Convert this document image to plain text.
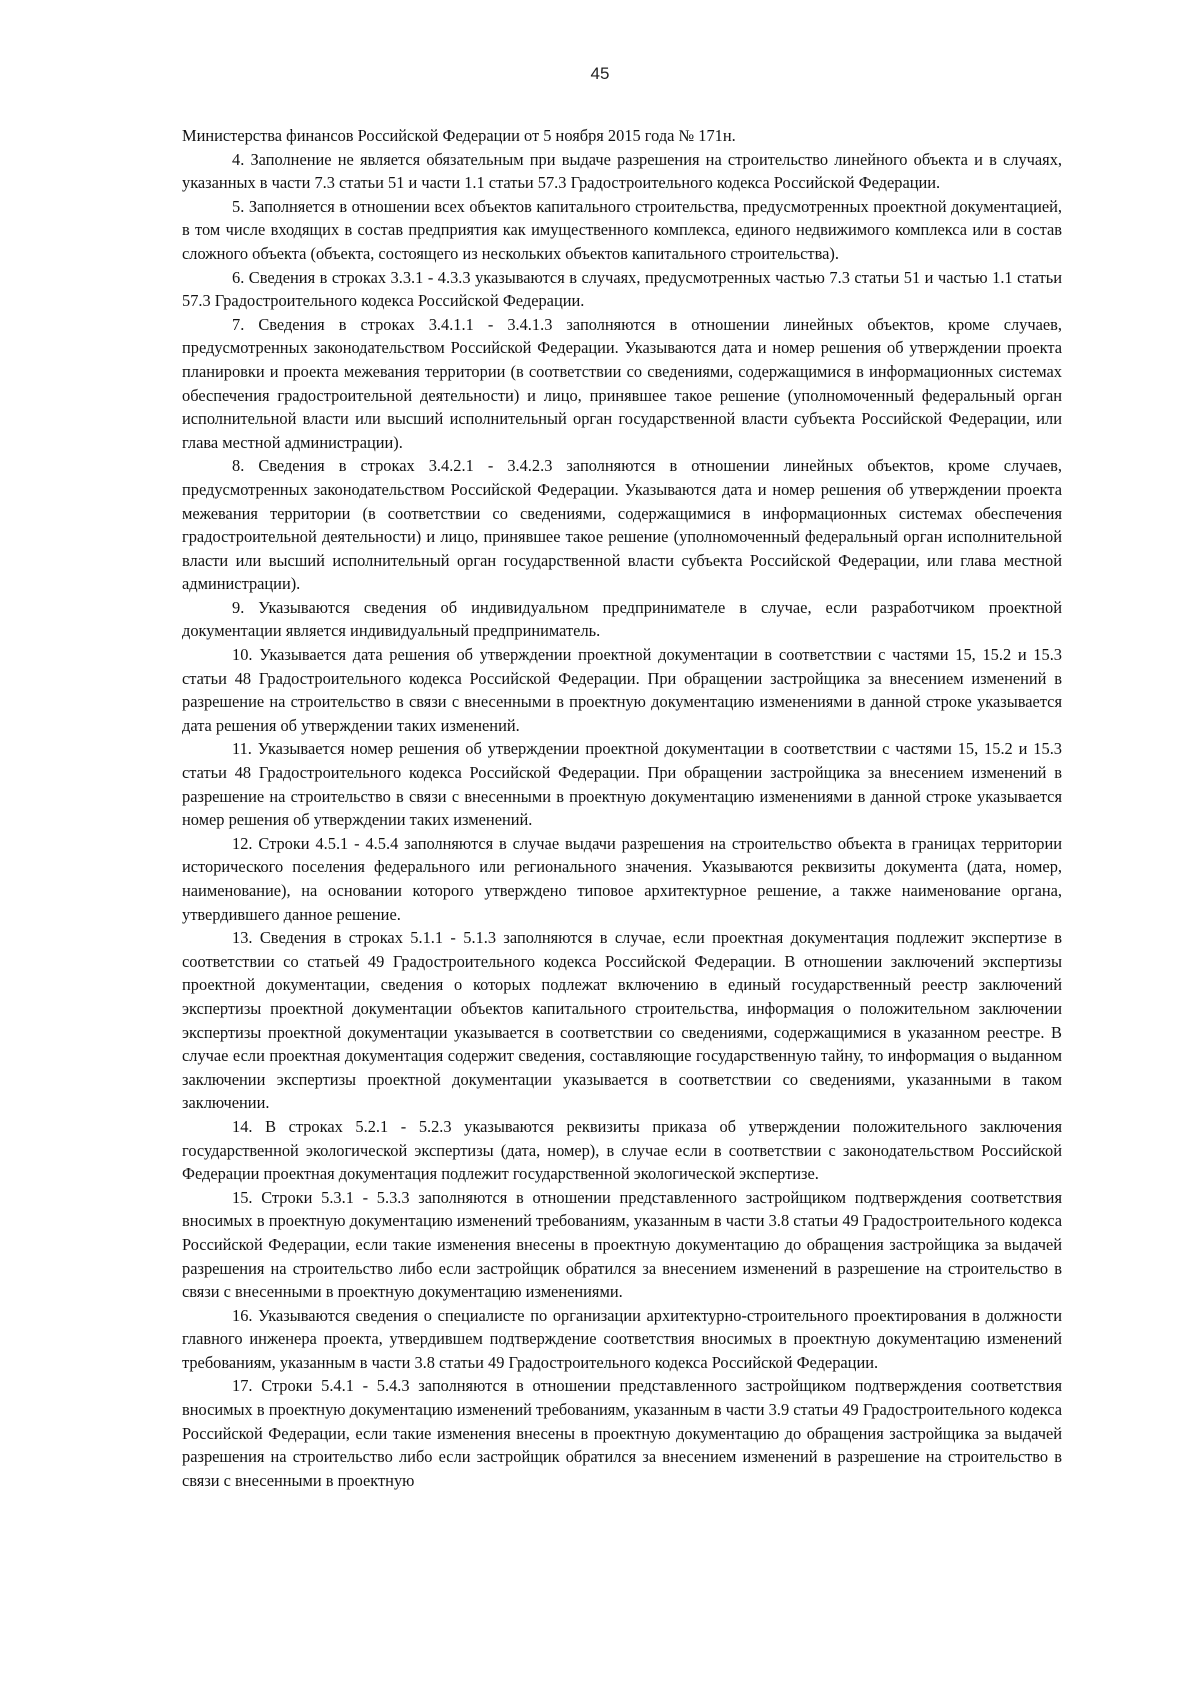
45

Министерства финансов Российской Федерации от 5 ноября 2015 года № 171н.

4. Заполнение не является обязательным при выдаче разрешения на строительство линейного объекта и в случаях, указанных в части 7.3 статьи 51 и части 1.1 статьи 57.3 Градостроительного кодекса Российской Федерации.

5. Заполняется в отношении всех объектов капитального строительства, предусмотренных проектной документацией, в том числе входящих в состав предприятия как имущественного комплекса, единого недвижимого комплекса или в состав сложного объекта (объекта, состоящего из нескольких объектов капитального строительства).

6. Сведения в строках 3.3.1 - 4.3.3 указываются в случаях, предусмотренных частью 7.3 статьи 51 и частью 1.1 статьи 57.3 Градостроительного кодекса Российской Федерации.

7. Сведения в строках 3.4.1.1 - 3.4.1.3 заполняются в отношении линейных объектов, кроме случаев, предусмотренных законодательством Российской Федерации. Указываются дата и номер решения об утверждении проекта планировки и проекта межевания территории (в соответствии со сведениями, содержащимися в информационных системах обеспечения градостроительной деятельности) и лицо, принявшее такое решение (уполномоченный федеральный орган исполнительной власти или высший исполнительный орган государственной власти субъекта Российской Федерации, или глава местной администрации).

8. Сведения в строках 3.4.2.1 - 3.4.2.3 заполняются в отношении линейных объектов, кроме случаев, предусмотренных законодательством Российской Федерации. Указываются дата и номер решения об утверждении проекта межевания территории (в соответствии со сведениями, содержащимися в информационных системах обеспечения градостроительной деятельности) и лицо, принявшее такое решение (уполномоченный федеральный орган исполнительной власти или высший исполнительный орган государственной власти субъекта Российской Федерации, или глава местной администрации).

9. Указываются сведения об индивидуальном предпринимателе в случае, если разработчиком проектной документации является индивидуальный предприниматель.

10. Указывается дата решения об утверждении проектной документации в соответствии с частями 15, 15.2 и 15.3 статьи 48 Градостроительного кодекса Российской Федерации. При обращении застройщика за внесением изменений в разрешение на строительство в связи с внесенными в проектную документацию изменениями в данной строке указывается дата решения об утверждении таких изменений.

11. Указывается номер решения об утверждении проектной документации в соответствии с частями 15, 15.2 и 15.3 статьи 48 Градостроительного кодекса Российской Федерации. При обращении застройщика за внесением изменений в разрешение на строительство в связи с внесенными в проектную документацию изменениями в данной строке указывается номер решения об утверждении таких изменений.

12. Строки 4.5.1 - 4.5.4 заполняются в случае выдачи разрешения на строительство объекта в границах территории исторического поселения федерального или регионального значения. Указываются реквизиты документа (дата, номер, наименование), на основании которого утверждено типовое архитектурное решение, а также наименование органа, утвердившего данное решение.

13. Сведения в строках 5.1.1 - 5.1.3 заполняются в случае, если проектная документация подлежит экспертизе в соответствии со статьей 49 Градостроительного кодекса Российской Федерации. В отношении заключений экспертизы проектной документации, сведения о которых подлежат включению в единый государственный реестр заключений экспертизы проектной документации объектов капитального строительства, информация о положительном заключении экспертизы проектной документации указывается в соответствии со сведениями, содержащимися в указанном реестре. В случае если проектная документация содержит сведения, составляющие государственную тайну, то информация о выданном заключении экспертизы проектной документации указывается в соответствии со сведениями, указанными в таком заключении.

14. В строках 5.2.1 - 5.2.3 указываются реквизиты приказа об утверждении положительного заключения государственной экологической экспертизы (дата, номер), в случае если в соответствии с законодательством Российской Федерации проектная документация подлежит государственной экологической экспертизе.

15. Строки 5.3.1 - 5.3.3 заполняются в отношении представленного застройщиком подтверждения соответствия вносимых в проектную документацию изменений требованиям, указанным в части 3.8 статьи 49 Градостроительного кодекса Российской Федерации, если такие изменения внесены в проектную документацию до обращения застройщика за выдачей разрешения на строительство либо если застройщик обратился за внесением изменений в разрешение на строительство в связи с внесенными в проектную документацию изменениями.

16. Указываются сведения о специалисте по организации архитектурно-строительного проектирования в должности главного инженера проекта, утвердившем подтверждение соответствия вносимых в проектную документацию изменений требованиям, указанным в части 3.8 статьи 49 Градостроительного кодекса Российской Федерации.

17. Строки 5.4.1 - 5.4.3 заполняются в отношении представленного застройщиком подтверждения соответствия вносимых в проектную документацию изменений требованиям, указанным в части 3.9 статьи 49 Градостроительного кодекса Российской Федерации, если такие изменения внесены в проектную документацию до обращения застройщика за выдачей разрешения на строительство либо если застройщик обратился за внесением изменений в разрешение на строительство в связи с внесенными в проектную
